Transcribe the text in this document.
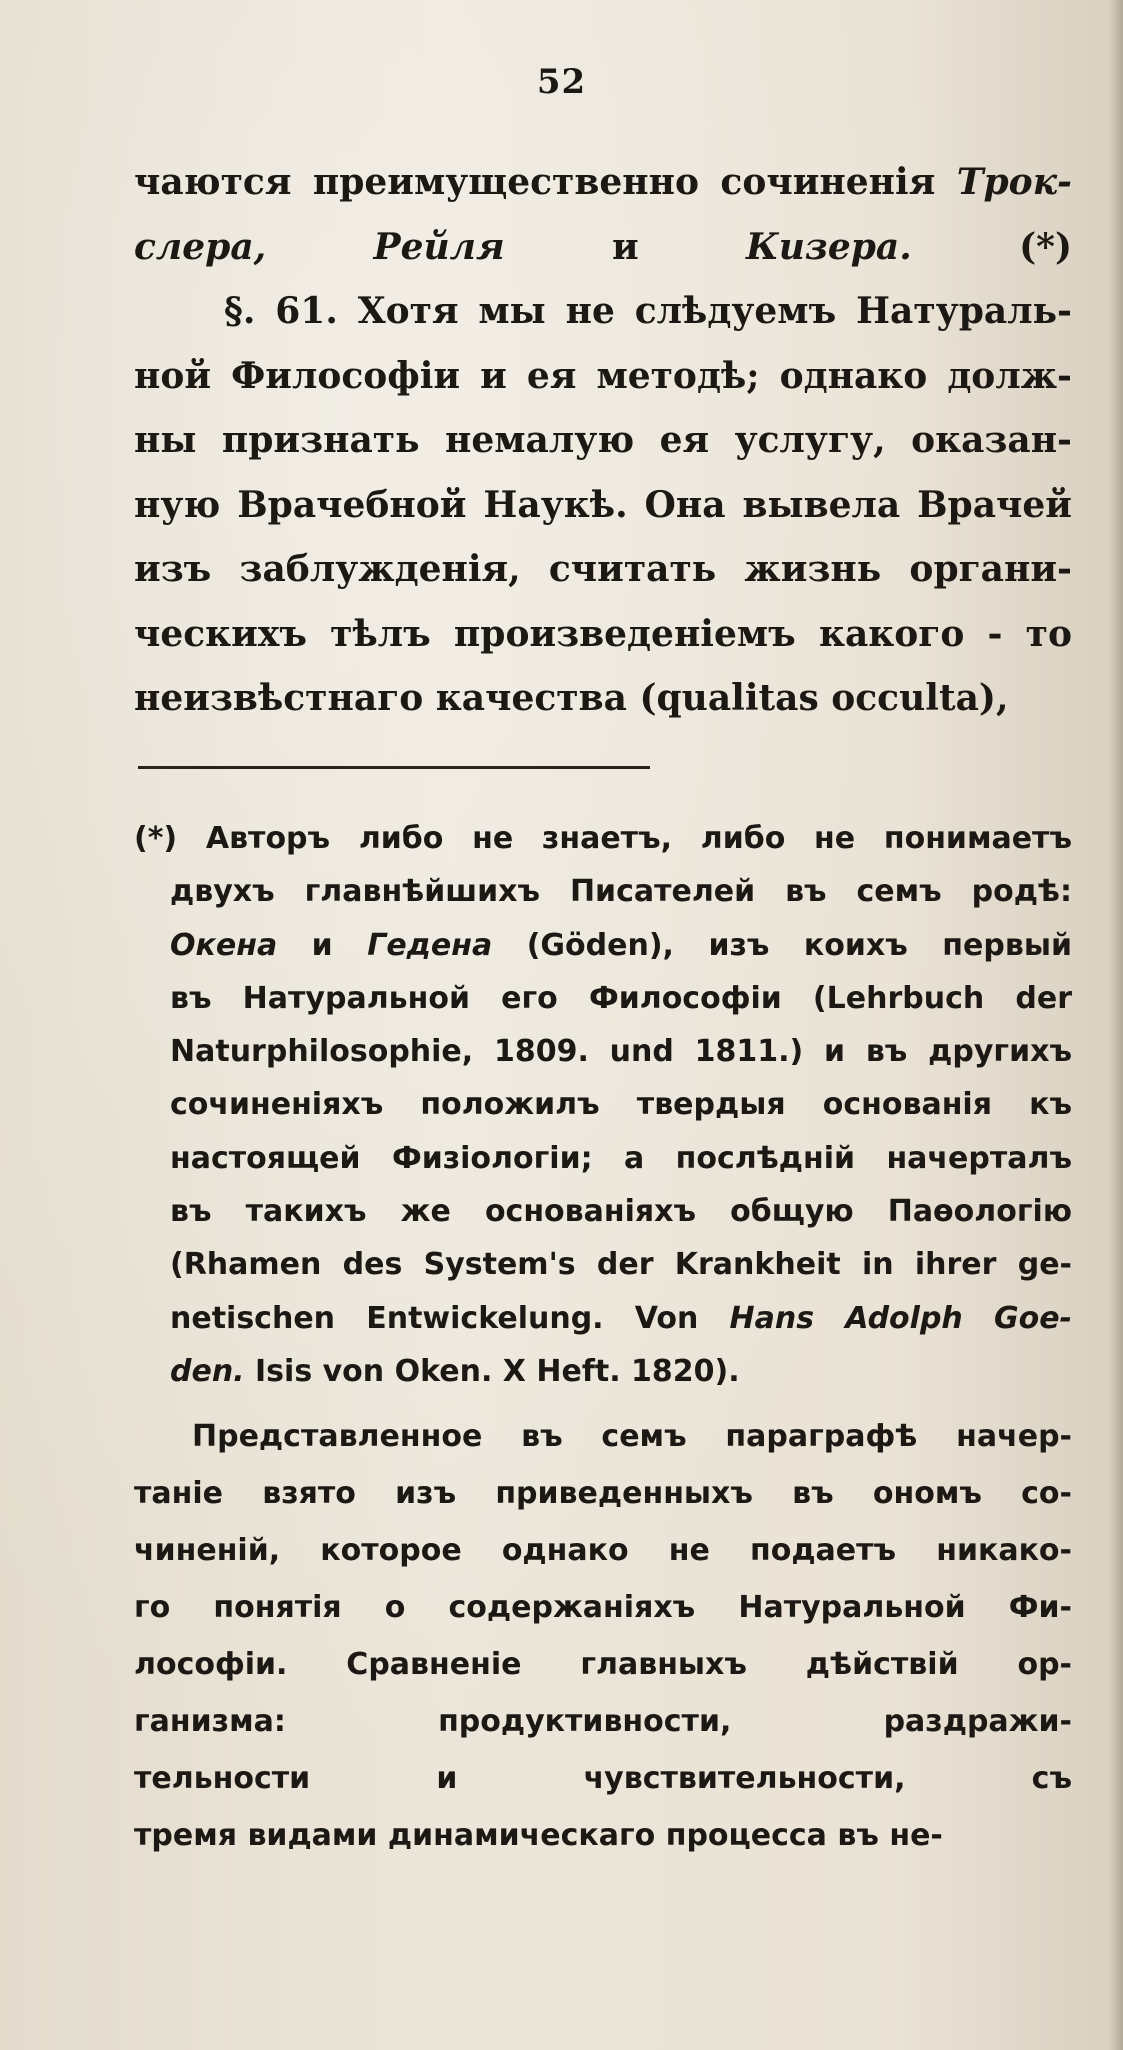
52
чаются преимущественно сочиненія Трок-
слера, Рейля и Кизера. (*)
§. 61. Хотя мы не слѣдуемъ Натураль-
ной Философіи и ея методѣ; однако долж-
ны признать немалую ея услугу, оказан-
ную Врачебной Наукѣ. Она вывела Врачей
изъ заблужденія, считать жизнь органи-
ческихъ тѣлъ произведеніемъ какого - то
неизвѣстнаго качества (qualitas occulta),
(*) Авторъ либо не знаетъ, либо не понимаетъ
двухъ главнѣйшихъ Писателей въ семъ родѣ:
Окена и Гедена (Göden), изъ коихъ первый
въ Натуральной его Философіи (Lehrbuch der
Naturphilosophie, 1809. und 1811.) и въ другихъ
сочиненіяхъ положилъ твердыя основанія къ
настоящей Физіологіи; а послѣдній начерталъ
въ такихъ же основаніяхъ общую Паѳологію
(Rhamen des System's der Krankheit in ihrer ge-
netischen Entwickelung. Von Hans Adolph Goe-
den. Isis von Oken. X Heft. 1820).
Представленное въ семъ параграфѣ начер-
таніе взято изъ приведенныхъ въ ономъ со-
чиненій, которое однако не подаетъ никако-
го понятія о содержаніяхъ Натуральной Фи-
лософіи. Сравненіе главныхъ дѣйствій ор-
ганизма: продуктивности, раздражи-
тельности и чувствительности, съ
тремя видами динамическаго процесса въ не-
